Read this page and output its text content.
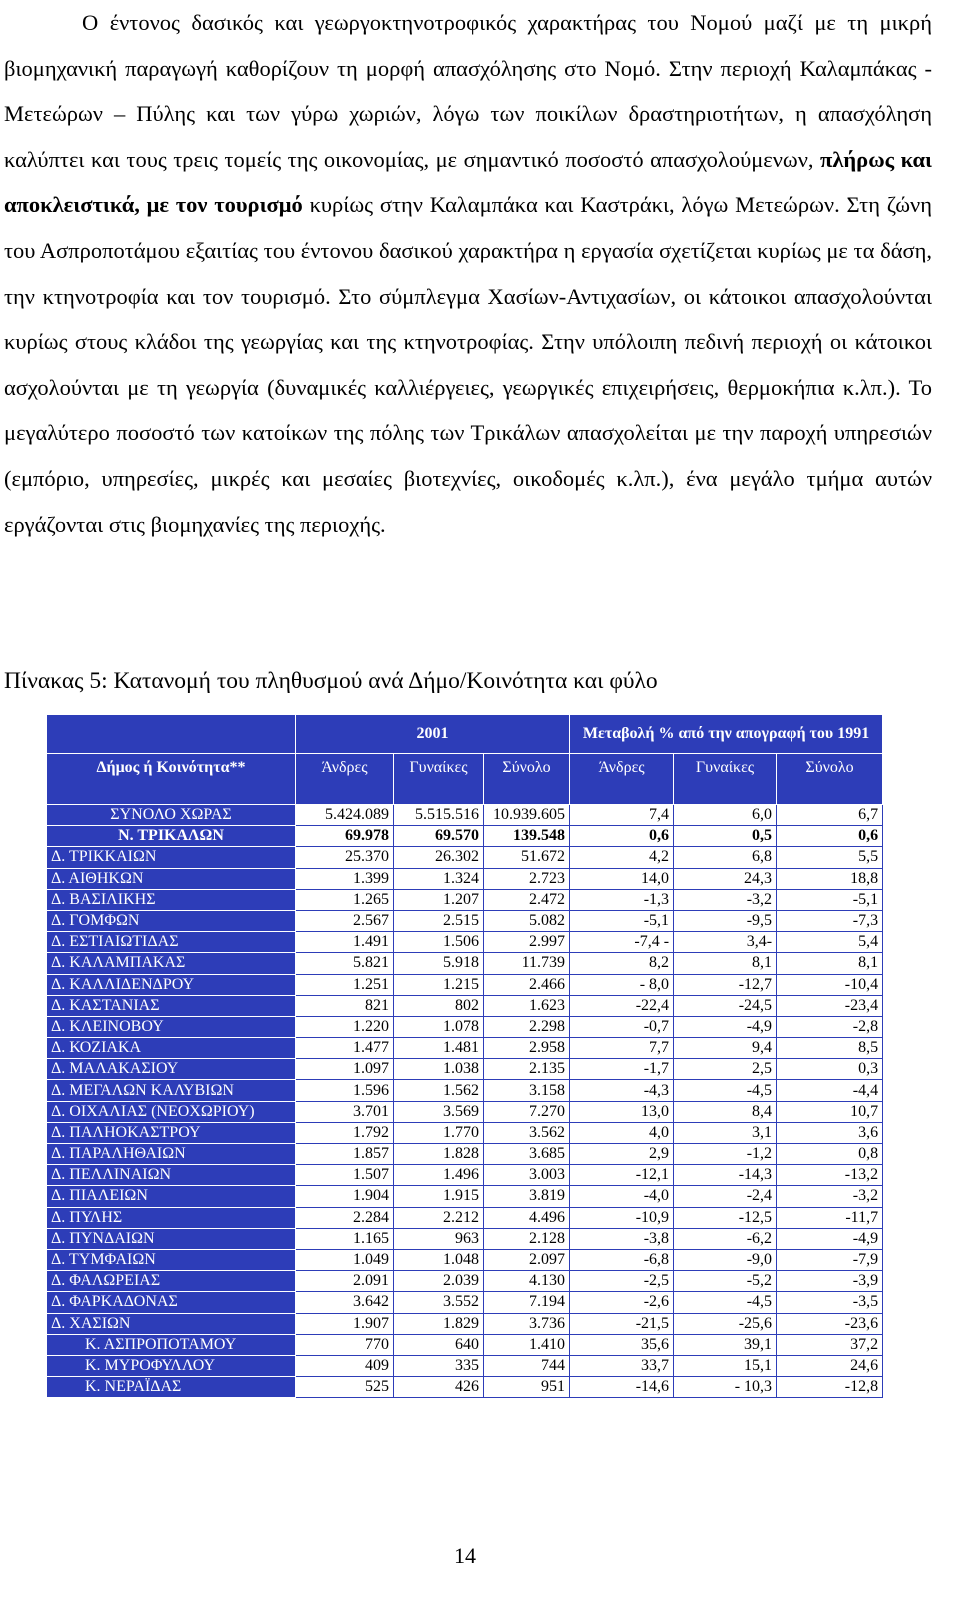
Ο έντονος δασικός και γεωργοκτηνοτροφικός χαρακτήρας του Νομού μαζί με τη μικρή βιομηχανική παραγωγή καθορίζουν τη μορφή απασχόλησης στο Νομό. Στην περιοχή Καλαμπάκας - Μετεώρων – Πύλης και των γύρω χωριών, λόγω των ποικίλων δραστηριοτήτων, η απασχόληση καλύπτει και τους τρεις τομείς της οικονομίας, με σημαντικό ποσοστό απασχολούμενων, πλήρως και αποκλειστικά, με τον τουρισμό κυρίως στην Καλαμπάκα και Καστράκι, λόγω Μετεώρων. Στη ζώνη του Ασπροποτάμου εξαιτίας του έντονου δασικού χαρακτήρα η εργασία σχετίζεται κυρίως με τα δάση, την κτηνοτροφία και τον τουρισμό. Στο σύμπλεγμα Χασίων-Αντιχασίων, οι κάτοικοι απασχολούνται κυρίως στους κλάδοι της γεωργίας και της κτηνοτροφίας. Στην υπόλοιπη πεδινή περιοχή οι κάτοικοι ασχολούνται με τη γεωργία (δυναμικές καλλιέργειες, γεωργικές επιχειρήσεις, θερμοκήπια κ.λπ.). Το μεγαλύτερο ποσοστό των κατοίκων της πόλης των Τρικάλων απασχολείται με την παροχή υπηρεσιών (εμπόριο, υπηρεσίες, μικρές και μεσαίες βιοτεχνίες, οικοδομές κ.λπ.), ένα μεγάλο τμήμα αυτών εργάζονται στις βιομηχανίες της περιοχής.
Πίνακας 5: Κατανομή του πληθυσμού ανά Δήμο/Κοινότητα και φύλο
	2001			Μεταβολή % από την απογραφή του 1991		
Δήμος ή Κοινότητα**	Άνδρες	Γυναίκες	Σύνολο	Άνδρες	Γυναίκες	Σύνολο
ΣΥΝΟΛΟ ΧΩΡΑΣ	5.424.089	5.515.516	10.939.605	7,4	6,0	6,7
Ν. ΤΡΙΚΑΛΩΝ	69.978	69.570	139.548	0,6	0,5	0,6
Δ. ΤΡΙΚΚΑΙΩΝ	25.370	26.302	51.672	4,2	6,8	5,5
Δ. ΑΙΘΗΚΩΝ	1.399	1.324	2.723	14,0	24,3	18,8
Δ. ΒΑΣΙΛΙΚΗΣ	1.265	1.207	2.472	-1,3	-3,2	-5,1
Δ. ΓΟΜΦΩΝ	2.567	2.515	5.082	-5,1	-9,5	-7,3
Δ. ΕΣΤΙΑΙΩΤΙΔΑΣ	1.491	1.506	2.997	-7,4 -	3,4-	5,4
Δ. ΚΑΛΑΜΠΑΚΑΣ	5.821	5.918	11.739	8,2	8,1	8,1
Δ. ΚΑΛΛΙΔΕΝΔΡΟΥ	1.251	1.215	2.466	- 8,0	-12,7	-10,4
Δ. ΚΑΣΤΑΝΙΑΣ	821	802	1.623	-22,4	-24,5	-23,4
Δ. ΚΛΕΙΝΟΒΟΥ	1.220	1.078	2.298	-0,7	-4,9	-2,8
Δ. ΚΟΖΙΑΚΑ	1.477	1.481	2.958	7,7	9,4	8,5
Δ. ΜΑΛΑΚΑΣΙΟΥ	1.097	1.038	2.135	-1,7	2,5	0,3
Δ. ΜΕΓΑΛΩΝ ΚΑΛΥΒΙΩΝ	1.596	1.562	3.158	-4,3	-4,5	-4,4
Δ. ΟΙΧΑΛΙΑΣ (ΝΕΟΧΩΡΙΟΥ)	3.701	3.569	7.270	13,0	8,4	10,7
Δ. ΠΑΛΗΟΚΑΣΤΡΟΥ	1.792	1.770	3.562	4,0	3,1	3,6
Δ. ΠΑΡΑΛΗΘΑΙΩΝ	1.857	1.828	3.685	2,9	-1,2	0,8
Δ. ΠΕΛΛΙΝΑΙΩΝ	1.507	1.496	3.003	-12,1	-14,3	-13,2
Δ. ΠΙΑΛΕΙΩΝ	1.904	1.915	3.819	-4,0	-2,4	-3,2
Δ. ΠΥΛΗΣ	2.284	2.212	4.496	-10,9	-12,5	-11,7
Δ. ΠΥΝΔΑΙΩΝ	1.165	963	2.128	-3,8	-6,2	-4,9
Δ. ΤΥΜΦΑΙΩΝ	1.049	1.048	2.097	-6,8	-9,0	-7,9
Δ. ΦΑΛΩΡΕΙΑΣ	2.091	2.039	4.130	-2,5	-5,2	-3,9
Δ. ΦΑΡΚΑΔΟΝΑΣ	3.642	3.552	7.194	-2,6	-4,5	-3,5
Δ. ΧΑΣΙΩΝ	1.907	1.829	3.736	-21,5	-25,6	-23,6
Κ. ΑΣΠΡΟΠΟΤΑΜΟΥ	770	640	1.410	35,6	39,1	37,2
Κ. ΜΥΡΟΦΥΛΛΟΥ	409	335	744	33,7	15,1	24,6
Κ. ΝΕΡΑΪΔΑΣ	525	426	951	-14,6	- 10,3	-12,8
14
